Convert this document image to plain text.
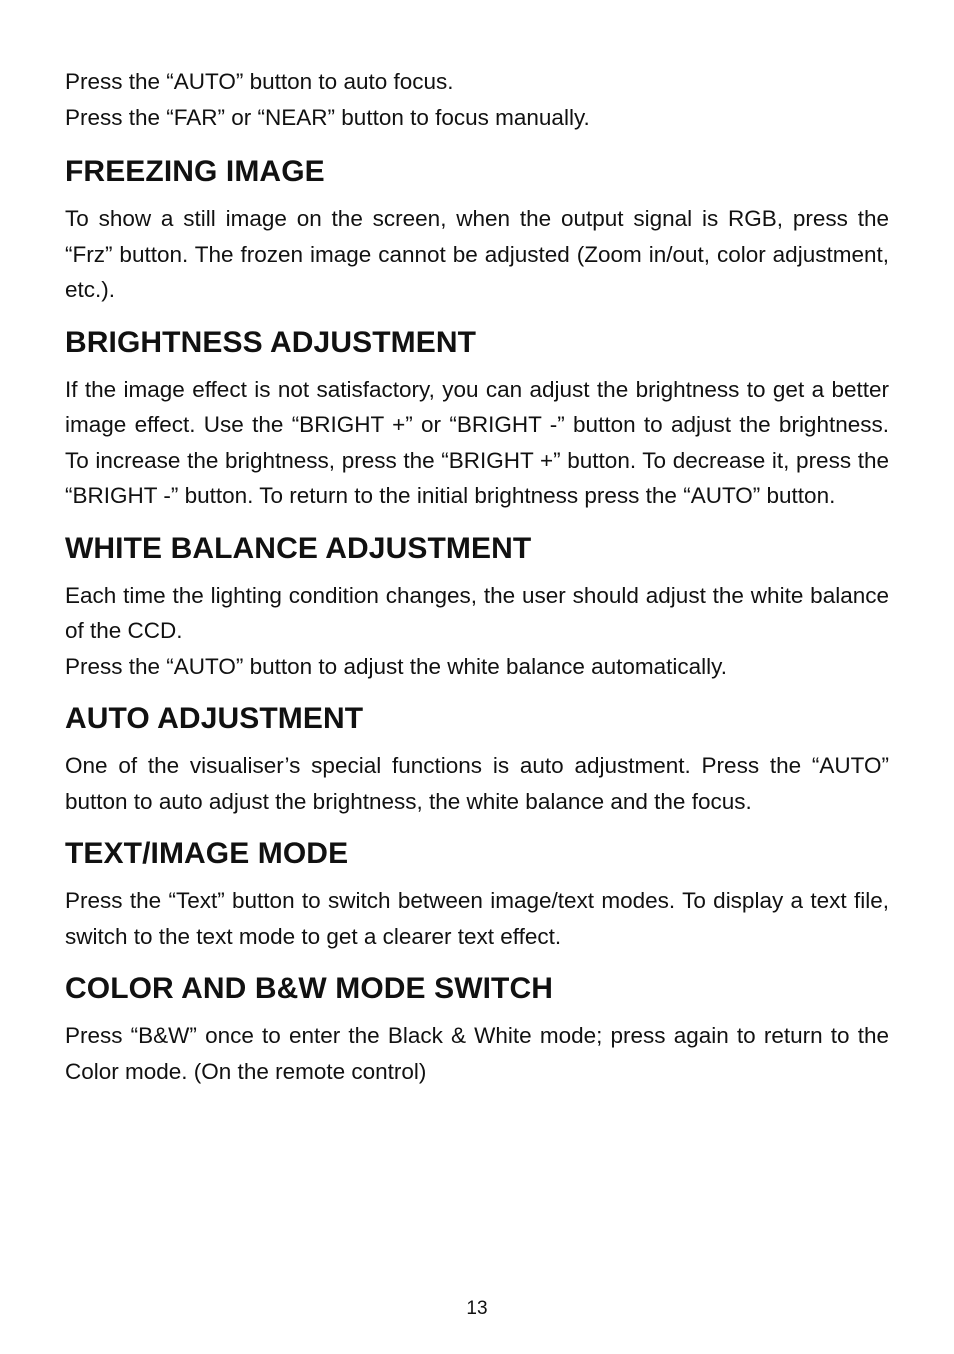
Press the “AUTO” button to auto focus.

Press the “FAR” or “NEAR” button to focus manually.

FREEZING IMAGE

To show a still image on the screen, when the output signal is RGB, press the “Frz” button. The frozen image cannot be adjusted (Zoom in/out, color adjustment, etc.).

BRIGHTNESS ADJUSTMENT

If the image effect is not satisfactory, you can adjust the brightness to get a better image effect. Use the “BRIGHT +” or “BRIGHT -” button to adjust the brightness. To increase the brightness, press the “BRIGHT +” button. To decrease it, press the “BRIGHT -” button. To return to the initial brightness press the “AUTO” button.

WHITE BALANCE ADJUSTMENT

Each time the lighting condition changes, the user should adjust the white balance of the CCD.

Press the “AUTO” button to adjust the white balance automatically.

AUTO ADJUSTMENT

One of the visualiser’s special functions is auto adjustment. Press the “AUTO” button to auto adjust the brightness, the white balance and the focus.

TEXT/IMAGE MODE

Press the “Text” button to switch between image/text modes. To display a text file, switch to the text mode to get a clearer text effect.

COLOR AND B&W MODE SWITCH

Press “B&W” once to enter the Black & White mode; press again to return to the Color mode. (On the remote control)

13
